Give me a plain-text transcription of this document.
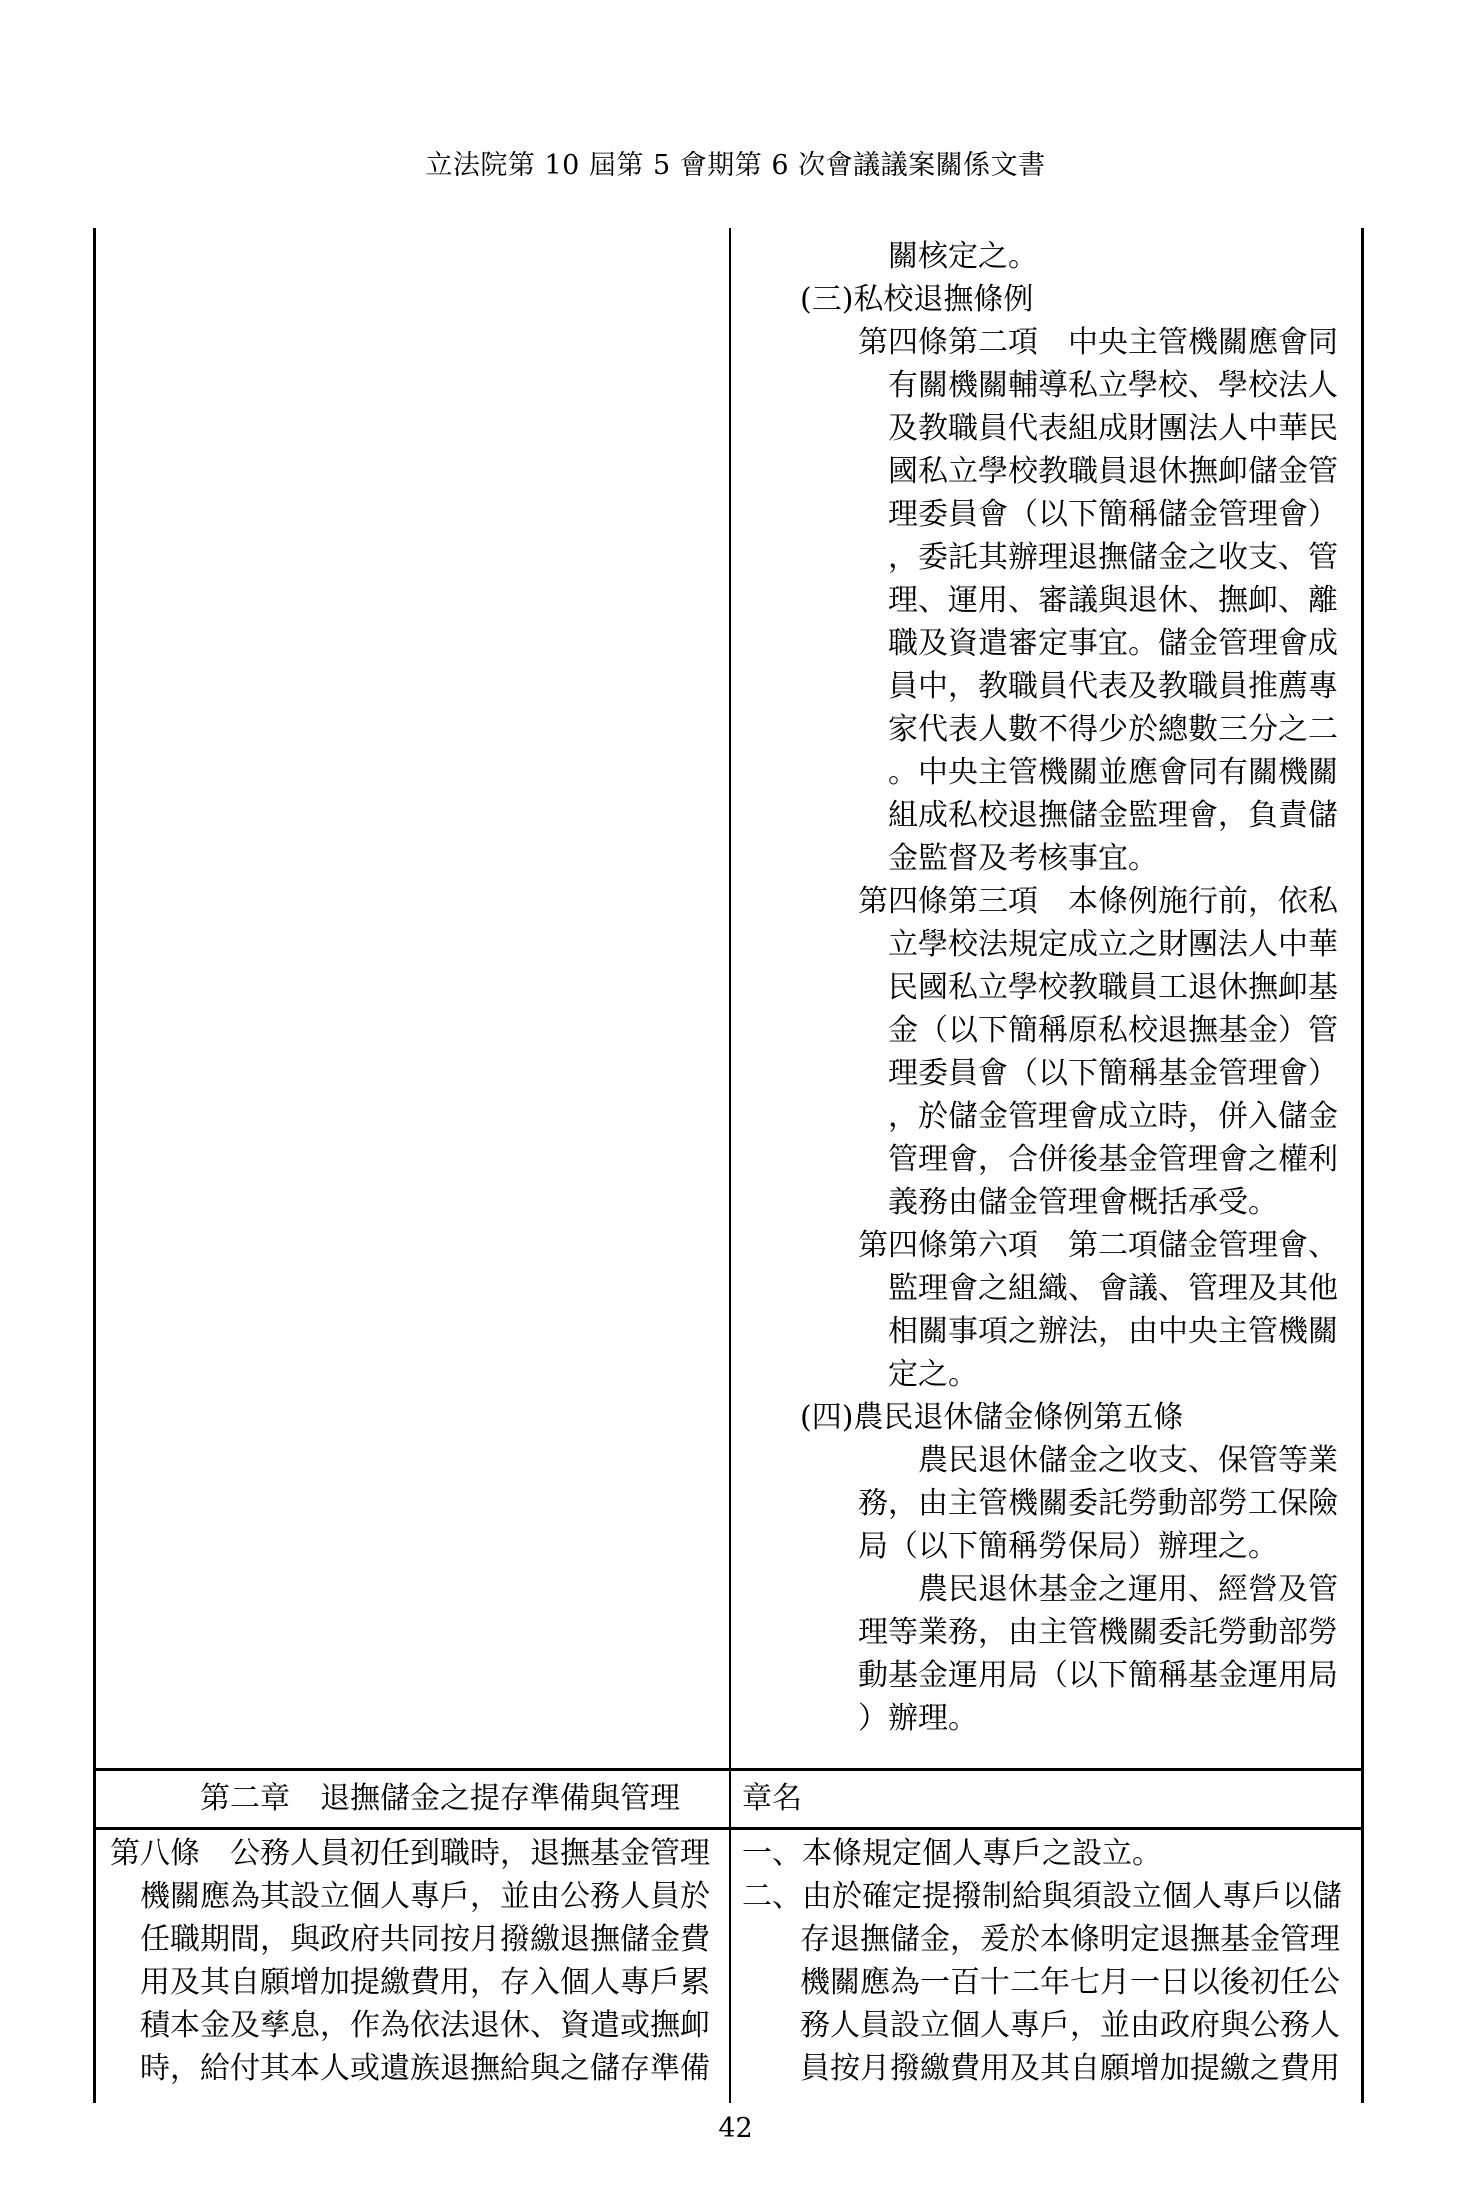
立法院第 10 屆第 5 會期第 6 次會議議案關係文書
關核定之。
(三)私校退撫條例
第四條第二項　中央主管機關應會同
有關機關輔導私立學校、學校法人
及教職員代表組成財團法人中華民
國私立學校教職員退休撫卹儲金管
理委員會（以下簡稱儲金管理會）
，委託其辦理退撫儲金之收支、管
理、運用、審議與退休、撫卹、離
職及資遣審定事宜。儲金管理會成
員中，教職員代表及教職員推薦專
家代表人數不得少於總數三分之二
。中央主管機關並應會同有關機關
組成私校退撫儲金監理會，負責儲
金監督及考核事宜。
第四條第三項　本條例施行前，依私
立學校法規定成立之財團法人中華
民國私立學校教職員工退休撫卹基
金（以下簡稱原私校退撫基金）管
理委員會（以下簡稱基金管理會）
，於儲金管理會成立時，併入儲金
管理會，合併後基金管理會之權利
義務由儲金管理會概括承受。
第四條第六項　第二項儲金管理會、
監理會之組織、會議、管理及其他
相關事項之辦法，由中央主管機關
定之。
(四)農民退休儲金條例第五條
農民退休儲金之收支、保管等業
務，由主管機關委託勞動部勞工保險
局（以下簡稱勞保局）辦理之。
農民退休基金之運用、經營及管
理等業務，由主管機關委託勞動部勞
動基金運用局（以下簡稱基金運用局
）辦理。
第二章　退撫儲金之提存準備與管理 章名
第八條　公務人員初任到職時，退撫基金管理
機關應為其設立個人專戶，並由公務人員於
任職期間，與政府共同按月撥繳退撫儲金費
用及其自願增加提繳費用，存入個人專戶累
積本金及孳息，作為依法退休、資遣或撫卹
時，給付其本人或遺族退撫給與之儲存準備
一、本條規定個人專戶之設立。
二、由於確定提撥制給與須設立個人專戶以儲
存退撫儲金，爰於本條明定退撫基金管理
機關應為一百十二年七月一日以後初任公
務人員設立個人專戶，並由政府與公務人
員按月撥繳費用及其自願增加提繳之費用
42
